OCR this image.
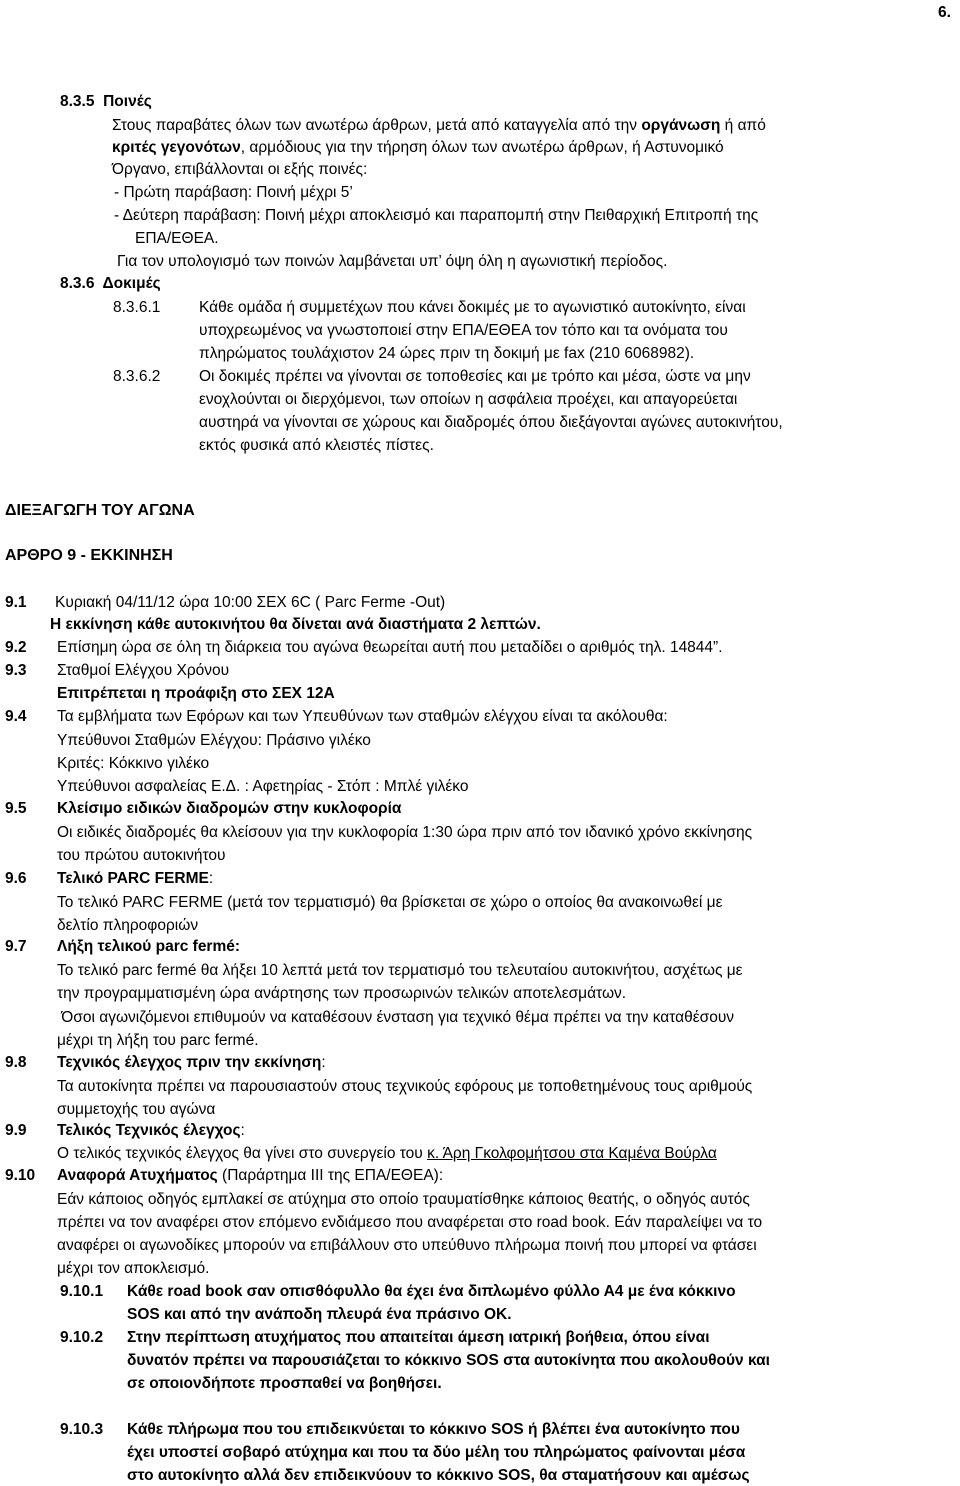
6.
8.3.5 Ποινές
Στους παραβάτες όλων των ανωτέρω άρθρων, μετά από καταγγελία από την οργάνωση ή από
κριτές γεγονότων, αρμόδιους για την τήρηση όλων των ανωτέρω άρθρων, ή Αστυνομικό
Όργανο, επιβάλλονται οι εξής ποινές:
- Πρώτη παράβαση: Ποινή μέχρι 5’
- Δεύτερη παράβαση: Ποινή μέχρι αποκλεισμό και παραπομπή στην Πειθαρχική Επιτροπή της
ΕΠΑ/ΕΘΕΑ.
Για τον υπολογισμό των ποινών λαμβάνεται υπ’ όψη όλη η αγωνιστική περίοδος.
8.3.6 Δοκιμές
8.3.6.1 Κάθε ομάδα ή συμμετέχων που κάνει δοκιμές με το αγωνιστικό αυτοκίνητο, είναι
υποχρεωμένος να γνωστοποιεί στην ΕΠΑ/ΕΘΕΑ τον τόπο και τα ονόματα του
πληρώματος τουλάχιστον 24 ώρες πριν τη δοκιμή με fax (210 6068982).
8.3.6.2 Οι δοκιμές πρέπει να γίνονται σε τοποθεσίες και με τρόπο και μέσα, ώστε να μην
ενοχλούνται οι διερχόμενοι, των οποίων η ασφάλεια προέχει, και απαγορεύεται
αυστηρά να γίνονται σε χώρους και διαδρομές όπου διεξάγονται αγώνες αυτοκινήτου,
εκτός φυσικά από κλειστές πίστες.
ΔΙΕΞΑΓΩΓΗ ΤΟΥ ΑΓΩΝΑ
ΑΡΘΡΟ 9 - ΕΚΚΙΝΗΣΗ
9.1 Κυριακή 04/11/12 ώρα 10:00 ΣΕΧ 6C ( Parc Ferme -Out)
Η εκκίνηση κάθε αυτοκινήτου θα δίνεται ανά διαστήματα 2 λεπτών.
9.2 Επίσημη ώρα σε όλη τη διάρκεια του αγώνα θεωρείται αυτή που μεταδίδει ο αριθμός τηλ. 14844”.
9.3 Σταθμοί Ελέγχου Χρόνου
Επιτρέπεται η προάφιξη στο ΣΕΧ 12Α
9.4 Τα εμβλήματα των Εφόρων και των Υπευθύνων των σταθμών ελέγχου είναι τα ακόλουθα:
Υπεύθυνοι Σταθμών Ελέγχου: Πράσινο γιλέκο
Κριτές: Κόκκινο γιλέκο
Υπεύθυνοι ασφαλείας Ε.Δ. : Αφετηρίας - Στόπ : Μπλέ γιλέκο
9.5 Κλείσιμο ειδικών διαδρομών στην κυκλοφορία
Οι ειδικές διαδρομές θα κλείσουν για την κυκλοφορία 1:30 ώρα πριν από τον ιδανικό χρόνο εκκίνησης
του πρώτου αυτοκινήτου
9.6 Τελικό PARC FERME:
Το τελικό PARC FERME (μετά τον τερματισμό) θα βρίσκεται σε χώρο ο οποίος θα ανακοινωθεί με
δελτίο πληροφοριών
9.7 Λήξη τελικού parc fermé:
Το τελικό parc fermé θα λήξει 10 λεπτά μετά τον τερματισμό του τελευταίου αυτοκινήτου, ασχέτως με
την προγραμματισμένη ώρα ανάρτησης των προσωρινών τελικών αποτελεσμάτων.
Όσοι αγωνιζόμενοι επιθυμούν να καταθέσουν ένσταση για τεχνικό θέμα πρέπει να την καταθέσουν
μέχρι τη λήξη του parc fermé.
9.8 Τεχνικός έλεγχος πριν την εκκίνηση:
Τα αυτοκίνητα πρέπει να παρουσιαστούν στους τεχνικούς εφόρους με τοποθετημένους τους αριθμούς
συμμετοχής του αγώνα
9.9 Τελικός Τεχνικός έλεγχος:
Ο τελικός τεχνικός έλεγχος θα γίνει στο συνεργείο του κ. Άρη Γκολφομήτσου στα Καμένα Βούρλα
9.10 Αναφορά Ατυχήματος (Παράρτημα ΙΙΙ της ΕΠΑ/ΕΘΕΑ):
Εάν κάποιος οδηγός εμπλακεί σε ατύχημα στο οποίο τραυματίσθηκε κάποιος θεατής, ο οδηγός αυτός
πρέπει να τον αναφέρει στον επόμενο ενδιάμεσο που αναφέρεται στο road book. Εάν παραλείψει να το
αναφέρει οι αγωνοδίκες μπορούν να επιβάλλουν στο υπεύθυνο πλήρωμα ποινή που μπορεί να φτάσει
μέχρι τον αποκλεισμό.
9.10.1 Κάθε road book σαν οπισθόφυλλο θα έχει ένα διπλωμένο φύλλο Α4 με ένα κόκκινο
SOS και από την ανάποδη πλευρά ένα πράσινο ΟΚ.
9.10.2 Στην περίπτωση ατυχήματος που απαιτείται άμεση ιατρική βοήθεια, όπου είναι
δυνατόν πρέπει να παρουσιάζεται το κόκκινο SOS στα αυτοκίνητα που ακολουθούν και
σε οποιονδήποτε προσπαθεί να βοηθήσει.
9.10.3 Κάθε πλήρωμα που του επιδεικνύεται το κόκκινο SOS ή βλέπει ένα αυτοκίνητο που
έχει υποστεί σοβαρό ατύχημα και που τα δύο μέλη του πληρώματος φαίνονται μέσα
στο αυτοκίνητο αλλά δεν επιδεικνύουν το κόκκινο SOS, θα σταματήσουν και αμέσως
